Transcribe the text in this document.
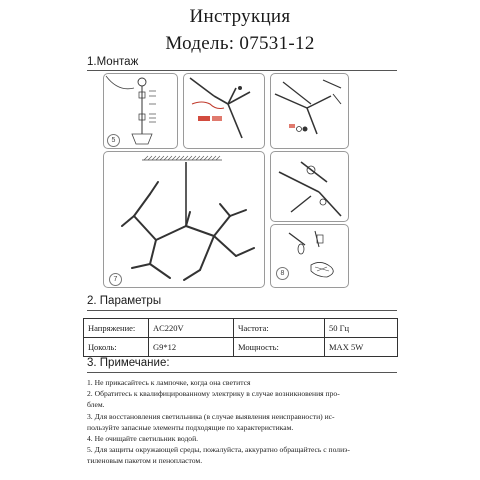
Инструкция
Модель: 07531-12
1.Монтаж
5
7
8
2. Параметры
Напряжение:	AC220V	Частота:	50 Гц
Цоколь:	G9*12	Мощность:	MAX 5W
3. Примечание:
1. Не прикасайтесь к лампочке, когда она светится
2. Обратитесь к квалифицированному электрику в случае возникновения про-
блем.
3. Для восстановления светильника (в случае выявления неисправности) ис-
пользуйте запасные элементы подходящие по характеристикам.
4. Не очищайте светильник водой.
5. Для защиты окружающей среды, пожалуйста, аккуратно обращайтесь с полиэ-
тиленовым пакетом и пенопластом.
